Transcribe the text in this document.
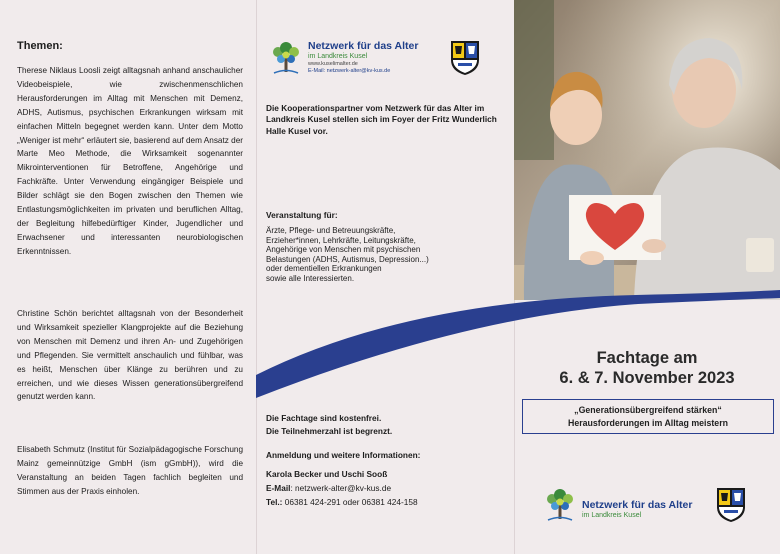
Themen:
Therese Niklaus Loosli zeigt alltagsnah anhand anschaulicher Videobeispiele, wie zwischenmenschlichen Herausforderungen im Alltag mit Menschen mit Demenz, ADHS, Autismus, psychischen Erkrankungen wirksam mit einfachen Mitteln begegnet werden kann. Unter dem Motto „Weniger ist mehr“ erläutert sie, basierend auf dem Ansatz der Marte Meo Methode, die Wirksamkeit sogenannter Mikrointerventionen für Betroffene, Angehörige und Fachkräfte. Unter Verwendung eingängiger Beispiele und Bilder schlägt sie den Bogen zwischen den Themen wie Entlastungsmöglichkeiten im privaten und beruflichen Alltag, der Begleitung hilfebedürftiger Kinder, Jugendlicher und Erwachsener und interessanten neurobiologischen Erkenntnissen.
Christine Schön berichtet alltagsnah von der Besonderheit und Wirksamkeit spezieller Klangprojekte auf die Beziehung von Menschen mit Demenz und ihren An- und Zugehörigen und Pflegenden. Sie vermittelt anschaulich und fühlbar, was es heißt, Menschen über Klänge zu berühren und zu erreichen, und wie dieses Wissen generationsübergreifend genutzt werden kann.
Elisabeth Schmutz (Institut für Sozialpädagogische Forschung Mainz gemeinnützige GmbH (ism gGmbH)), wird die Veranstaltung an beiden Tagen fachlich begleiten und Stimmen aus der Praxis einholen.
Netzwerk für das Alter
im Landkreis Kusel
www.kuselimalter.de
E-Mail: netzwerk-alter@kv-kus.de
Die Kooperationspartner vom Netzwerk für das Alter im Landkreis Kusel stellen sich im Foyer der Fritz Wunderlich Halle Kusel vor.
Veranstaltung für:
Ärzte, Pflege- und Betreuungskräfte,
Erzieher*innen, Lehrkräfte, Leitungskräfte,
Angehörige von Menschen mit psychischen
Belastungen (ADHS, Autismus, Depression...)
oder dementiellen Erkrankungen
sowie alle Interessierten.
Die Fachtage sind kostenfrei.
Die Teilnehmerzahl ist begrenzt.
Anmeldung und weitere Informationen:
Karola Becker und Uschi Sooß
E-Mail: netzwerk-alter@kv-kus.de
Tel.: 06381 424-291 oder 06381 424-158
Fachtage am
6. & 7. November 2023
„Generationsübergreifend stärken“
Herausforderungen im Alltag meistern
Netzwerk für das Alter
im Landkreis Kusel
